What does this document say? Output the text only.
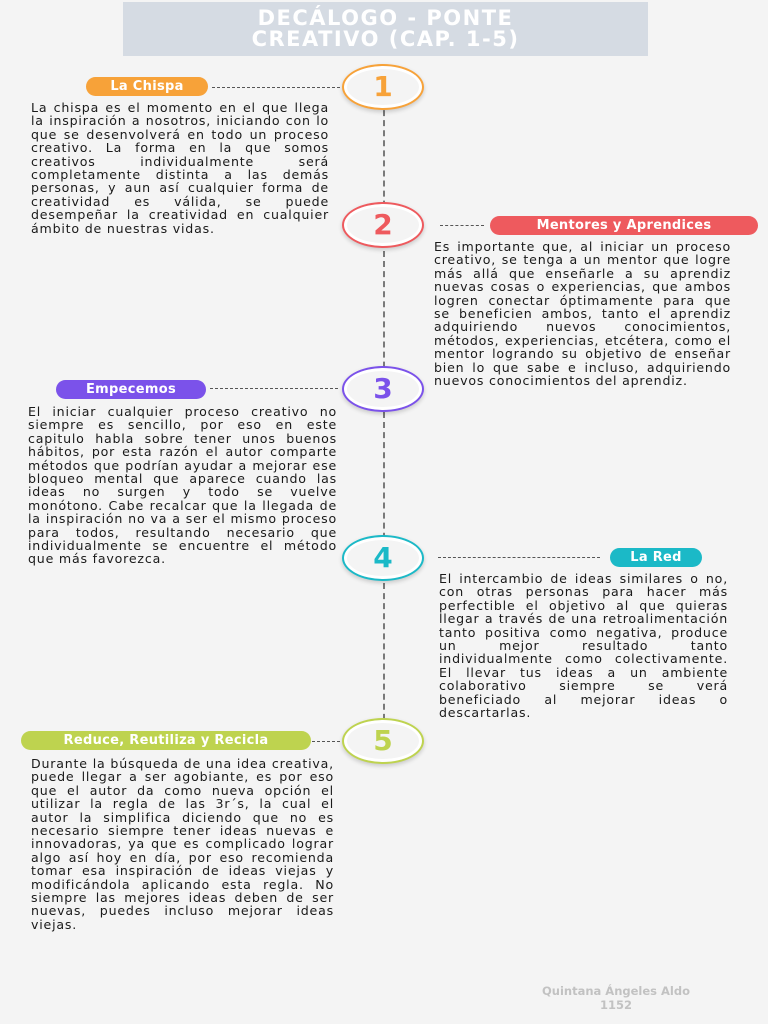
DECÁLOGO - PONTE
CREATIVO (CAP. 1-5)
1
La Chispa

La chispa es el momento en el que llega la inspiración a nosotros, iniciando con lo que se desenvolverá en todo un proceso creativo. La forma en la que somos creativos individualmente será completamente distinta a las demás personas, y aun así cualquier forma de creatividad es válida, se puede desempeñar la creatividad en cualquier ámbito de nuestras vidas.	2	Mentores y Aprendices

Es importante que, al iniciar un proceso creativo, se tenga a un mentor que logre más allá que enseñarle a su aprendiz nuevas cosas o experiencias, que ambos logren conectar óptimamente para que se beneficien ambos, tanto el aprendiz adquiriendo nuevos conocimientos, métodos, experiencias, etcétera, como el mentor logrando su objetivo de enseñar bien lo que sabe e incluso, adquiriendo nuevos conocimientos del aprendiz.

3
Empecemos

El iniciar cualquier proceso creativo no siempre es sencillo, por eso en este capitulo habla sobre tener unos buenos hábitos, por esta razón el autor comparte métodos que podrían ayudar a mejorar ese bloqueo mental que aparece cuando las ideas no surgen y todo se vuelve monótono. Cabe recalcar que la llegada de la inspiración no va a ser el mismo proceso para todos, resultando necesario que individualmente se encuentre el método que más favorezca.	4	La Red

El intercambio de ideas similares o no, con otras personas para hacer más perfectible el objetivo al que quieras llegar a través de una retroalimentación tanto positiva como negativa, produce un mejor resultado tanto individualmente como colectivamente. El llevar tus ideas a un ambiente colaborativo siempre se verá beneficiado al mejorar ideas o descartarlas.

5
Reduce, Reutiliza y Recicla

Durante la búsqueda de una idea creativa, puede llegar a ser agobiante, es por eso que el autor da como nueva opción el utilizar la regla de las 3r´s, la cual el autor la simplifica diciendo que no es necesario siempre tener ideas nuevas e innovadoras, ya que es complicado lograr algo así hoy en día, por eso recomienda tomar esa inspiración de ideas viejas y modificándola aplicando esta regla. No siempre las mejores ideas deben de ser nuevas, puedes incluso mejorar ideas viejas.

Quintana Ángeles Aldo
1152
